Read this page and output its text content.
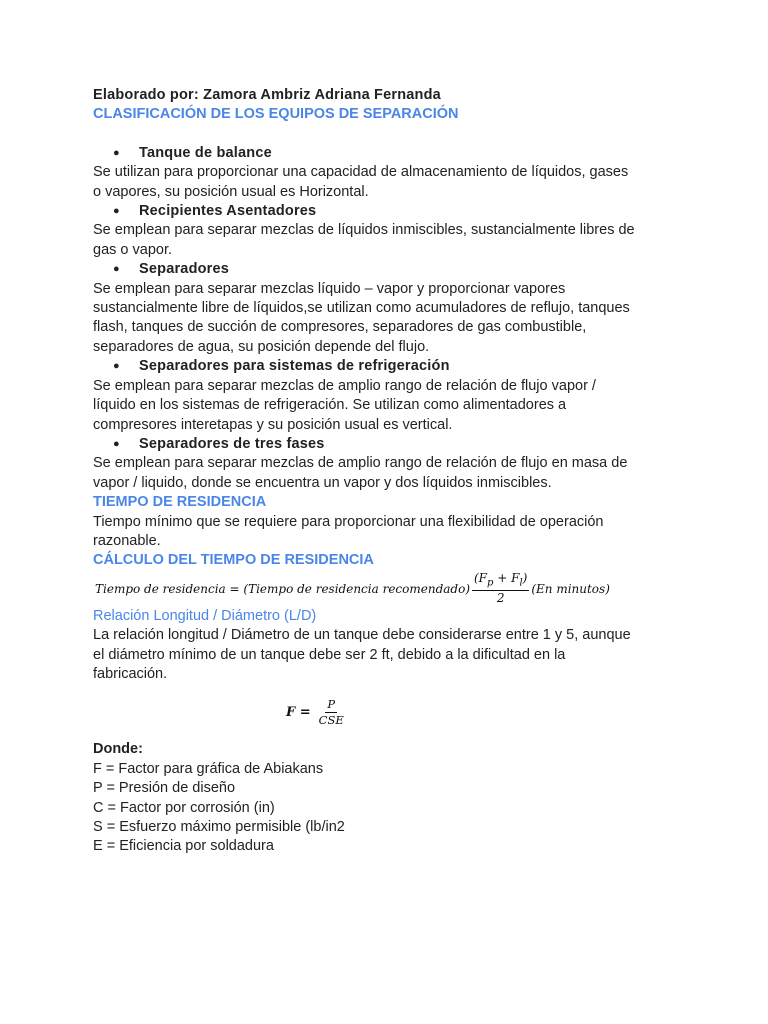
Elaborado por: Zamora Ambriz Adriana Fernanda

CLASIFICACIÓN DE LOS EQUIPOS DE SEPARACIÓN

●	Tanque de balance

Se utilizan para proporcionar una capacidad de almacenamiento de líquidos, gases

o vapores, su posición usual es Horizontal.

●	Recipientes Asentadores

Se emplean para separar mezclas de líquidos inmiscibles, sustancialmente libres de

gas o vapor.

●	Separadores

Se emplean para separar mezclas líquido – vapor y proporcionar vapores

sustancialmente libre de líquidos,se utilizan como acumuladores de reflujo, tanques

flash, tanques de succión de compresores, separadores de gas combustible,

separadores de agua, su posición depende del flujo.

●	Separadores para sistemas de refrigeración

Se emplean para separar mezclas de amplio rango de relación de flujo vapor /

líquido en los sistemas de refrigeración. Se utilizan como alimentadores a

compresores interetapas y su posición usual es vertical.

●	Separadores de tres fases

Se emplean para separar mezclas de amplio rango de relación de flujo en masa de

vapor / liquido, donde se encuentra un vapor y dos líquidos inmiscibles.

TIEMPO DE RESIDENCIA

Tiempo mínimo que se requiere para proporcionar una flexibilidad de operación

razonable.

CÁLCULO DEL TIEMPO DE RESIDENCIA

Tiempo de residencia = (Tiempo de residencia recomendado) $\frac{(F_p + F_l)}{2} (En$ minutos)

Relación Longitud / Diámetro (L/D)

La relación longitud / Diámetro de un tanque debe considerarse entre 1 y 5, aunque

el diámetro mínimo de un tanque debe ser 2 ft, debido a la dificultad en la

fabricación.

$F = \frac{P}{\text{CSE}}$

Donde:

F = Factor para gráfica de Abiakans

P = Presión de diseño

C = Factor por corrosión (in)

S = Esfuerzo máximo permisible (lb/in2

E = Eficiencia por soldadura
